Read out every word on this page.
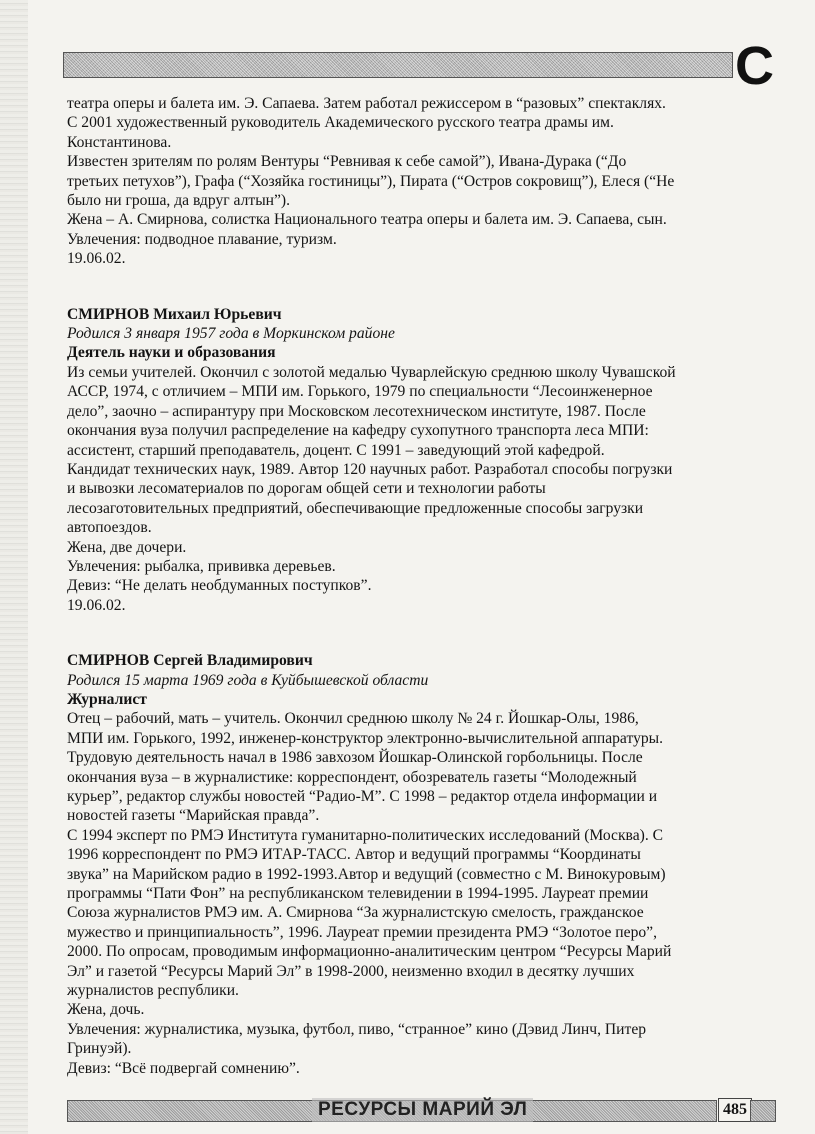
С

театра оперы и балета им. Э. Сапаева. Затем работал режиссером в “разовых” спектаклях.

С 2001 художественный руководитель Академического русского театра драмы им.

Константинова.

Известен зрителям по ролям Вентуры “Ревнивая к себе самой”), Ивана-Дурака (“До

третьих петухов”), Графа (“Хозяйка гостиницы”), Пирата (“Остров сокровищ”), Елеся (“Не

было ни гроша, да вдруг алтын”).

Жена – А. Смирнова, солистка Национального театра оперы и балета им. Э. Сапаева, сын.

Увлечения: подводное плавание, туризм.

19.06.02.

СМИРНОВ Михаил Юрьевич

Родился 3 января 1957 года в Моркинском районе

Деятель науки и образования

Из семьи учителей. Окончил с золотой медалью Чуварлейскую среднюю школу Чувашской

АССР, 1974, с отличием – МПИ им. Горького, 1979 по специальности “Лесоинженерное

дело”, заочно – аспирантуру при Московском лесотехническом институте, 1987. После

окончания вуза получил распределение на кафедру сухопутного транспорта леса МПИ:

ассистент, старший преподаватель, доцент. С 1991 – заведующий этой кафедрой.

Кандидат технических наук, 1989. Автор 120 научных работ. Разработал способы погрузки

и вывозки лесоматериалов по дорогам общей сети и технологии работы

лесозаготовительных предприятий, обеспечивающие предложенные способы загрузки

автопоездов.

Жена, две дочери.

Увлечения: рыбалка, прививка деревьев.

Девиз: “Не делать необдуманных поступков”.

19.06.02.

СМИРНОВ Сергей Владимирович

Родился 15 марта 1969 года в Куйбышевской области

Журналист

Отец – рабочий, мать – учитель. Окончил среднюю школу № 24 г. Йошкар-Олы, 1986,

МПИ им. Горького, 1992, инженер-конструктор электронно-вычислительной аппаратуры.

Трудовую деятельность начал в 1986 завхозом Йошкар-Олинской горбольницы. После

окончания вуза – в журналистике: корреспондент, обозреватель газеты “Молодежный

курьер”, редактор службы новостей “Радио-М”. С 1998 – редактор отдела информации и

новостей газеты “Марийская правда”.

С 1994 эксперт по РМЭ Института гуманитарно-политических исследований (Москва). С

1996 корреспондент по РМЭ ИТАР-ТАСС. Автор и ведущий программы “Координаты

звука” на Марийском радио в 1992-1993.Автор и ведущий (совместно с М. Винокуровым)

программы “Пати Фон” на республиканском телевидении в 1994-1995. Лауреат премии

Союза журналистов РМЭ им. А. Смирнова “За журналистскую смелость, гражданское

мужество и принципиальность”, 1996. Лауреат премии президента РМЭ “Золотое перо”,

2000. По опросам, проводимым информационно-аналитическим центром “Ресурсы Марий

Эл” и газетой “Ресурсы Марий Эл” в 1998-2000, неизменно входил в десятку лучших

журналистов республики.

Жена, дочь.

Увлечения: журналистика, музыка, футбол, пиво, “странное” кино (Дэвид Линч, Питер

Гринуэй).

Девиз: “Всё подвергай сомнению”.

РЕСУРСЫ МАРИЙ ЭЛ	485
